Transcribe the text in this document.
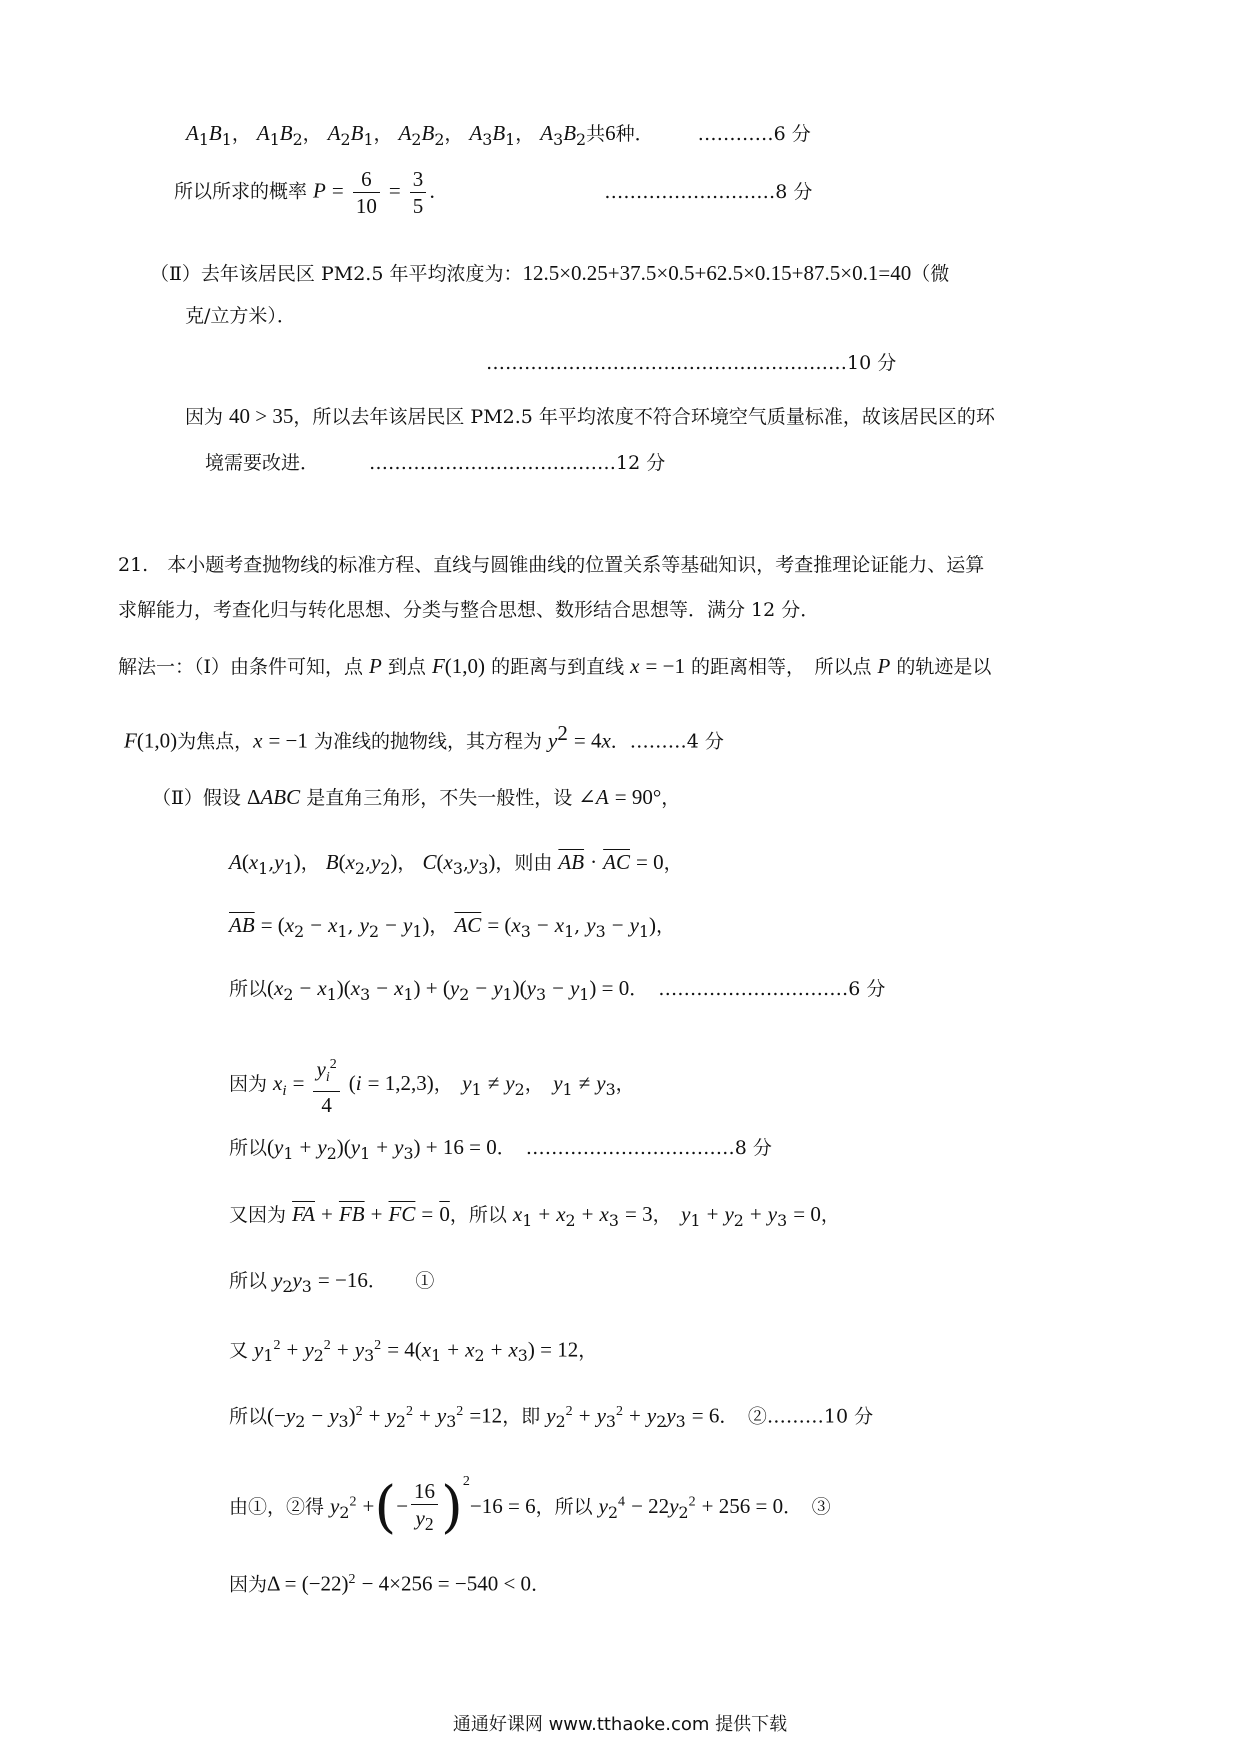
$A_1B_1$， $A_1B_2$， $A_2B_1$， $A_2B_2$， $A_3B_1$， $A_3B_2$共6种． …………6 分
所以所求的概率 $P = \frac{6}{10} = \frac{3}{5}$ ．	………………………8 分
（Ⅱ）去年该居民区 PM2.5 年平均浓度为：12.5×0.25+37.5×0.5+62.5×0.15+87.5×0.1=40（微
克/立方米）．
…………………………………………………10 分
因为 40 > 35，所以去年该居民区 PM2.5 年平均浓度不符合环境空气质量标准，故该居民区的环
境需要改进．	…………………………………12 分
21.　本小题考查抛物线的标准方程、直线与圆锥曲线的位置关系等基础知识，考查推理论证能力、运算
求解能力，考查化归与转化思想、分类与整合思想、数形结合思想等．满分 12 分．
解法一：（Ⅰ）由条件可知，点 P 到点 F(1,0) 的距离与到直线 x = −1 的距离相等，　所以点 P 的轨迹是以
F(1,0)为焦点，x = −1 为准线的抛物线，其方程为 $y^2 = 4x$．………4 分
（Ⅱ）假设 ΔABC 是直角三角形，不失一般性，设 ∠A = 90°，
$A(x_1,y_1)$， $B(x_2,y_2)$， $C(x_3,y_3)$，则由 $\overline{AB} \cdot \overline{AC} = 0$，
$\overline{AB} = (x_2 - x_1$, $y_2 - y_1$)， $\overline{AC} = (x_3 - x_1$, $y_3 - y_1$)，
所以$(x_2 - x_1)(x_3 - x_1) + (y_2 - y_1)(y_3 - y_1) = 0$． …………………………6 分
因为 $x_i = \frac{y_i^2}{4} (i = 1,2,3)$，　$y_1 \ne y_2$，　$y_1 \ne y_3$，
所以$(y_1 + y_2)(y_1 + y_3) + 16 = 0$． ……………………………8 分
又因为 $\overline{FA} + \overline{FB} + \overline{FC} = 0$，所以 $x_1 + x_2 + x_3 = 3$，　$y_1 + y_2 + y_3 = 0$，
所以 $y_2y_3 = -16$．　　①
又 $y_1^2 + y_2^2 + y_3^2 = 4(x_1 + x_2 + x_3) = 12$，
所以$(-y_2 - y_3)^2 + y_2^2 + y_3^2 =12$，即 $y_2^2 + y_3^2 + y_2y_3 = 6$．　②………10 分
由①，②得 $y_2^2$ +(− $\frac{16}{y_2} )^2-16 = 6$，所以 $y_2^4 - 22y_2^2 + 256 = 0$．　③
因为$\Delta = (-22)^2 - 4\times 256 = -540 < 0$．
通通好课网 www.tthaoke.com 提供下载
